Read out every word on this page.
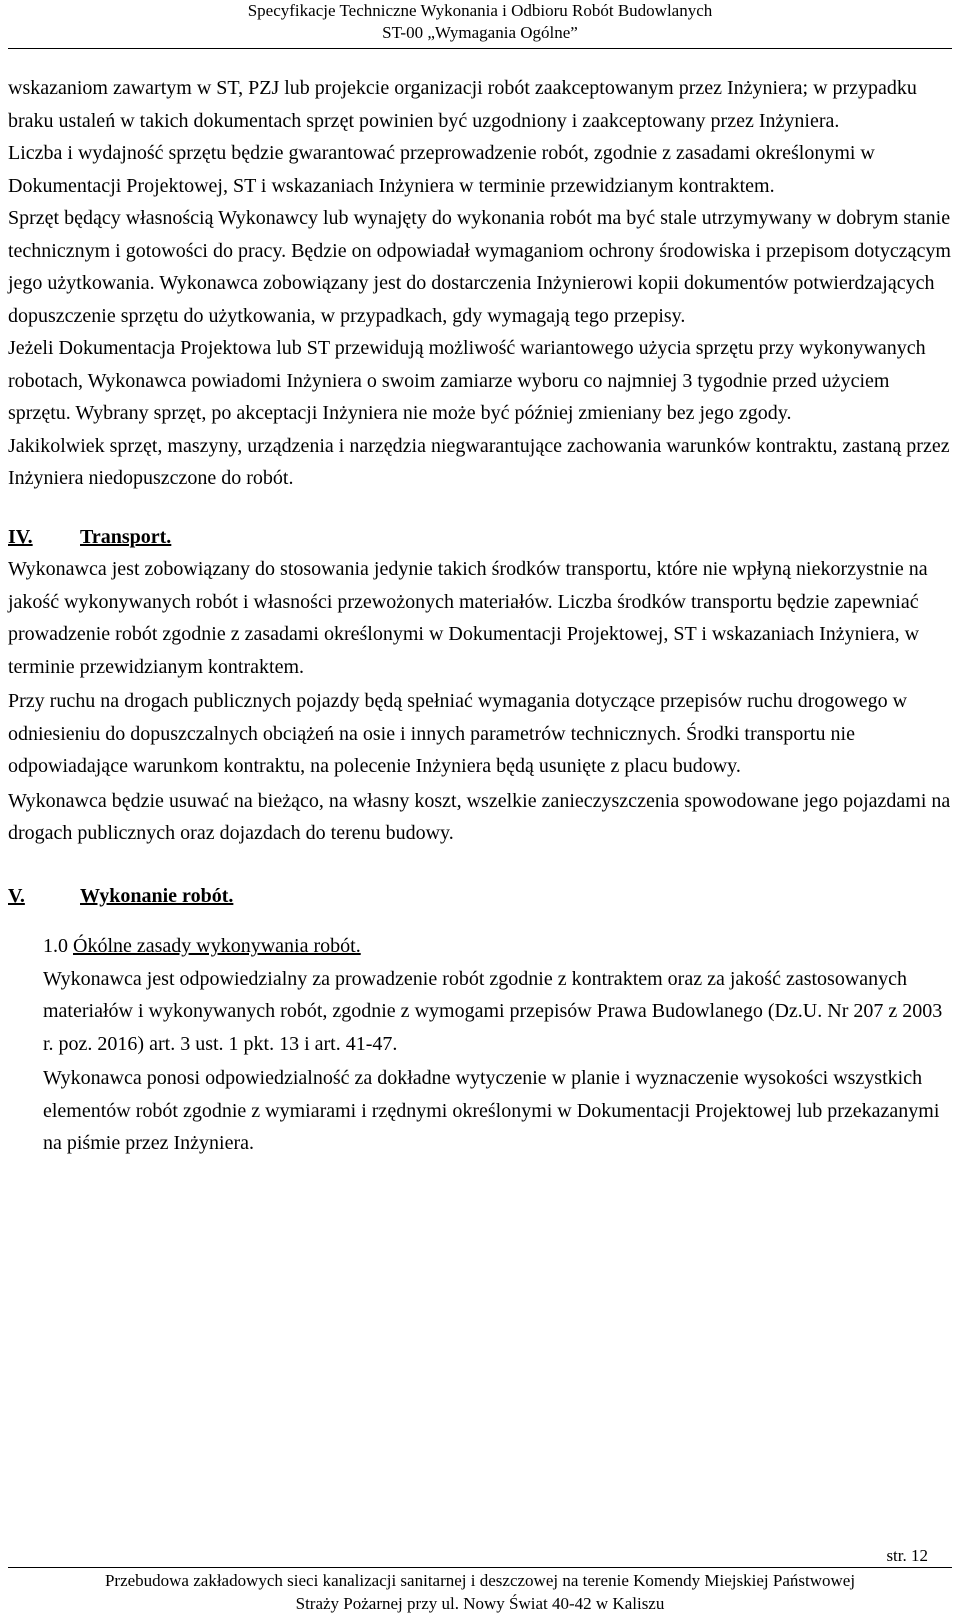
Specyfikacje Techniczne Wykonania i Odbioru Robót Budowlanych
ST-00 „Wymagania Ogólne”

wskazaniom zawartym w ST, PZJ lub projekcie organizacji robót zaakceptowanym przez Inżyniera; w przypadku braku ustaleń w takich dokumentach sprzęt powinien być uzgodniony i zaakceptowany przez Inżyniera.

Liczba i wydajność sprzętu będzie gwarantować przeprowadzenie robót, zgodnie z zasadami określonymi w Dokumentacji Projektowej, ST i wskazaniach Inżyniera w terminie przewidzianym kontraktem.

Sprzęt będący własnością Wykonawcy lub wynajęty do wykonania robót ma być stale utrzymywany w dobrym stanie technicznym i gotowości do pracy. Będzie on odpowiadał wymaganiom ochrony środowiska i przepisom dotyczącym jego użytkowania. Wykonawca zobowiązany jest do dostarczenia Inżynierowi kopii dokumentów potwierdzających dopuszczenie sprzętu do użytkowania, w przypadkach, gdy wymagają tego przepisy.

Jeżeli Dokumentacja Projektowa lub ST przewidują możliwość wariantowego użycia sprzętu przy wykonywanych robotach, Wykonawca powiadomi Inżyniera o swoim zamiarze wyboru co najmniej 3 tygodnie przed użyciem sprzętu. Wybrany sprzęt, po akceptacji Inżyniera nie może być później zmieniany bez jego zgody.

Jakikolwiek sprzęt, maszyny, urządzenia i narzędzia niegwarantujące zachowania warunków kontraktu, zastaną przez Inżyniera niedopuszczone do robót.

IV. Transport.

Wykonawca jest zobowiązany do stosowania jedynie takich środków transportu, które nie wpłyną niekorzystnie na jakość wykonywanych robót i własności przewożonych materiałów. Liczba środków transportu będzie zapewniać prowadzenie robót zgodnie z zasadami określonymi w Dokumentacji Projektowej, ST i wskazaniach Inżyniera, w terminie przewidzianym kontraktem.

Przy ruchu na drogach publicznych pojazdy będą spełniać wymagania dotyczące przepisów ruchu drogowego w odniesieniu do dopuszczalnych obciążeń na osie i innych parametrów technicznych. Środki transportu nie odpowiadające warunkom kontraktu, na polecenie Inżyniera będą usunięte z placu budowy.

Wykonawca będzie usuwać na bieżąco, na własny koszt, wszelkie zanieczyszczenia spowodowane jego pojazdami na drogach publicznych oraz dojazdach do terenu budowy.

V.	Wykonanie robót.

1.0 Ókólne zasady wykonywania robót.

Wykonawca jest odpowiedzialny za prowadzenie robót zgodnie z kontraktem oraz za jakość zastosowanych materiałów i wykonywanych robót, zgodnie z wymogami przepisów Prawa Budowlanego (Dz.U. Nr 207 z 2003 r. poz. 2016) art. 3 ust. 1 pkt. 13 i art. 41-47.

Wykonawca ponosi odpowiedzialność za dokładne wytyczenie w planie i wyznaczenie wysokości wszystkich elementów robót zgodnie z wymiarami i rzędnymi określonymi w Dokumentacji Projektowej lub przekazanymi na piśmie przez Inżyniera.

str. 12
Przebudowa zakładowych sieci kanalizacji sanitarnej i deszczowej na terenie Komendy Miejskiej Państwowej
Straży Pożarnej przy ul. Nowy Świat 40-42 w Kaliszu
